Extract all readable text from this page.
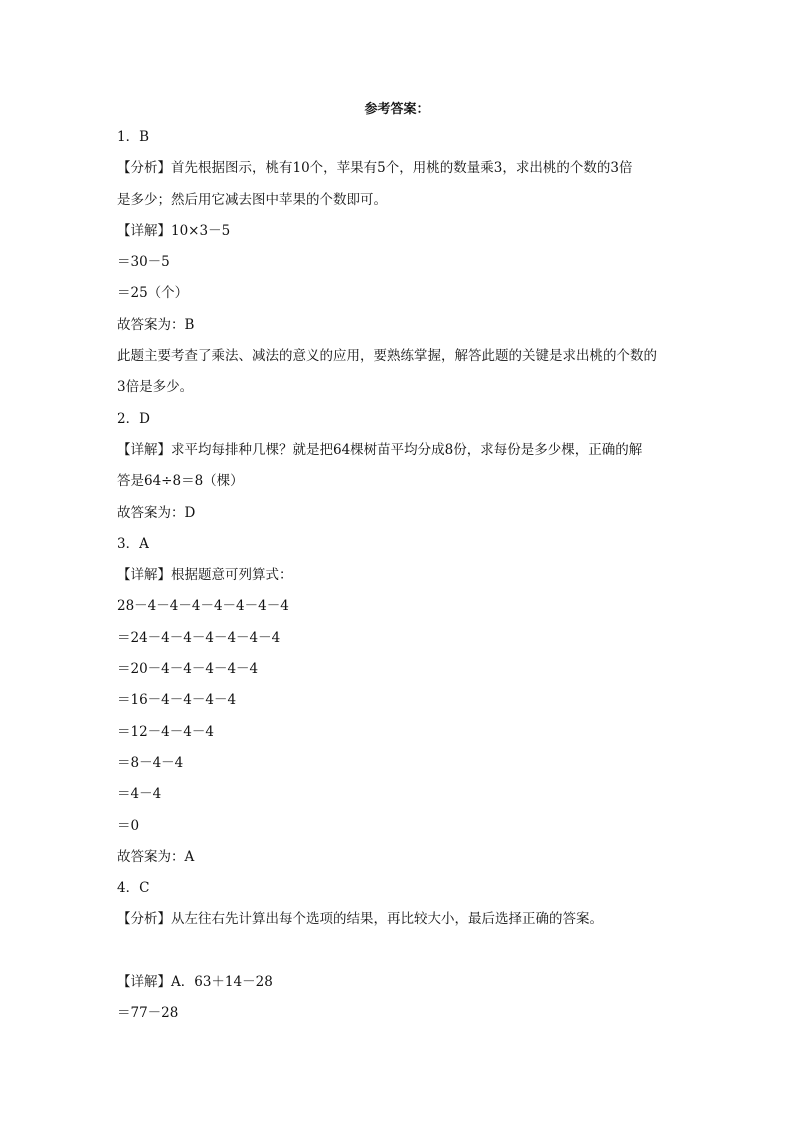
参考答案：
1．B
【分析】首先根据图示，桃有10个，苹果有5个，用桃的数量乘3，求出桃的个数的3倍
是多少；然后用它减去图中苹果的个数即可。
【详解】10×3－5
＝30－5
＝25（个）
故答案为：B
此题主要考查了乘法、减法的意义的应用，要熟练掌握，解答此题的关键是求出桃的个数的
3倍是多少。
2．D
【详解】求平均每排种几棵？就是把64棵树苗平均分成8份，求每份是多少棵，正确的解
答是64÷8＝8（棵）
故答案为：D
3．A
【详解】根据题意可列算式：
28－4－4－4－4－4－4－4
＝24－4－4－4－4－4－4
＝20－4－4－4－4－4
＝16－4－4－4－4
＝12－4－4－4
＝8－4－4
＝4－4
＝0
故答案为：A
4．C
【分析】从左往右先计算出每个选项的结果，再比较大小，最后选择正确的答案。
【详解】A．63＋14－28
＝77－28
